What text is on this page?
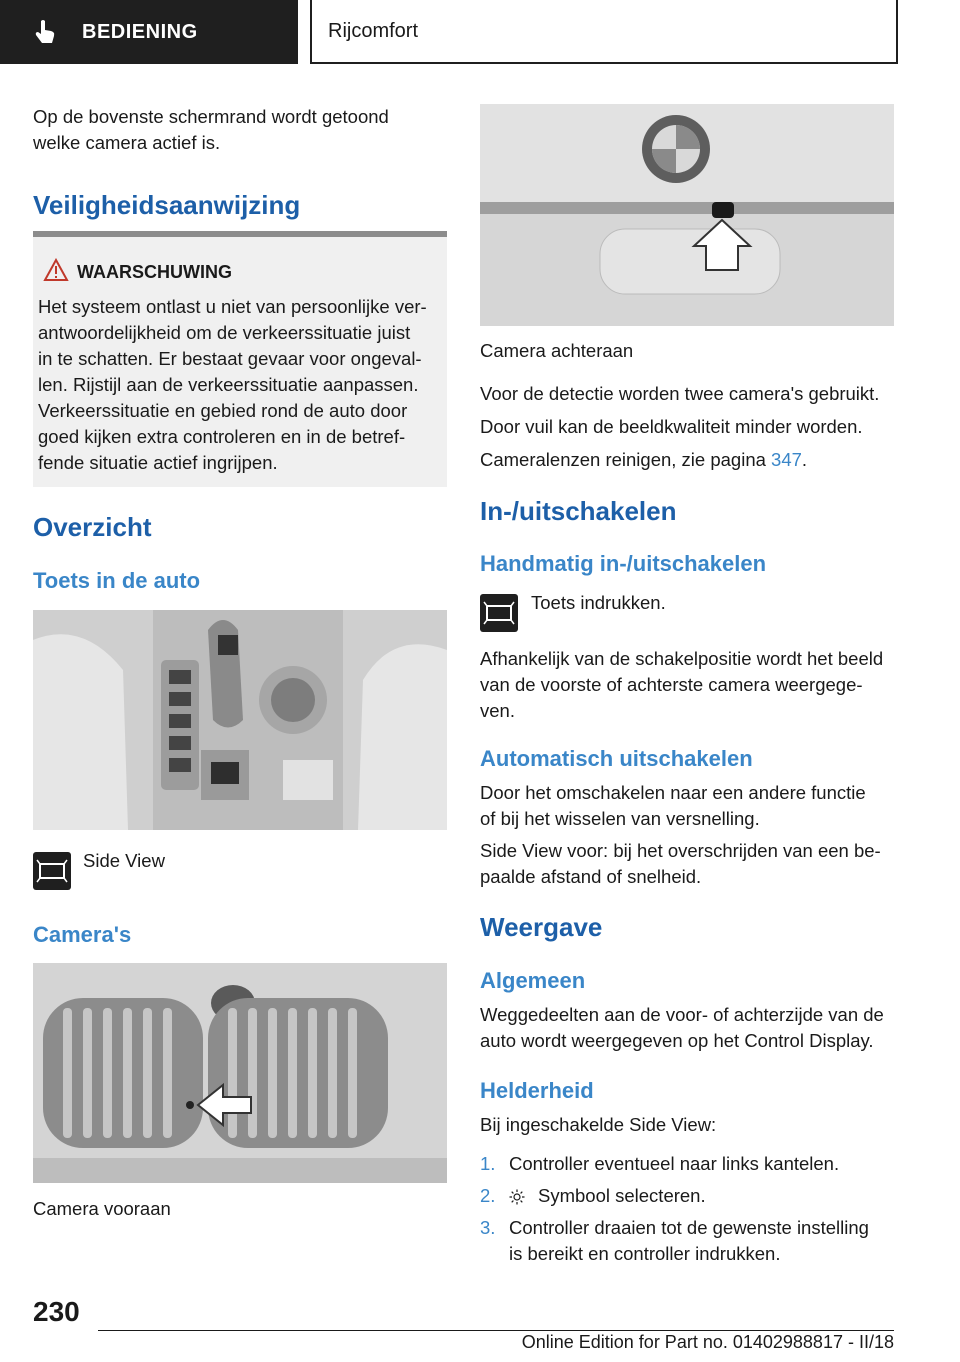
BEDIENING	Rijcomfort
Op de bovenste schermrand wordt getoond
welke camera actief is.
Veiligheidsaanwijzing
WAARSCHUWING
Het systeem ontlast u niet van persoonlijke ver-
antwoordelijkheid om de verkeerssituatie juist
in te schatten. Er bestaat gevaar voor ongeval-
len. Rijstijl aan de verkeerssituatie aanpassen.
Verkeerssituatie en gebied rond de auto door
goed kijken extra controleren en in de betref-
fende situatie actief ingrijpen.
Overzicht
Toets in de auto
Side View
Camera's
Camera vooraan
Camera achteraan
Voor de detectie worden twee camera's gebruikt.
Door vuil kan de beeldkwaliteit minder worden.
Cameralenzen reinigen, zie pagina 347.
In-/uitschakelen
Handmatig in-/uitschakelen
Toets indrukken.
Afhankelijk van de schakelpositie wordt het beeld
van de voorste of achterste camera weergege-
ven.
Automatisch uitschakelen
Door het omschakelen naar een andere functie
of bij het wisselen van versnelling.
Side View voor: bij het overschrijden van een be-
paalde afstand of snelheid.
Weergave
Algemeen
Weggedeelten aan de voor- of achterzijde van de
auto wordt weergegeven op het Control Display.
Helderheid
Bij ingeschakelde Side View:
1. Controller eventueel naar links kantelen.
2. Symbool selecteren.
3. Controller draaien tot de gewenste instelling
is bereikt en controller indrukken.
230
Online Edition for Part no. 01402988817 - II/18
